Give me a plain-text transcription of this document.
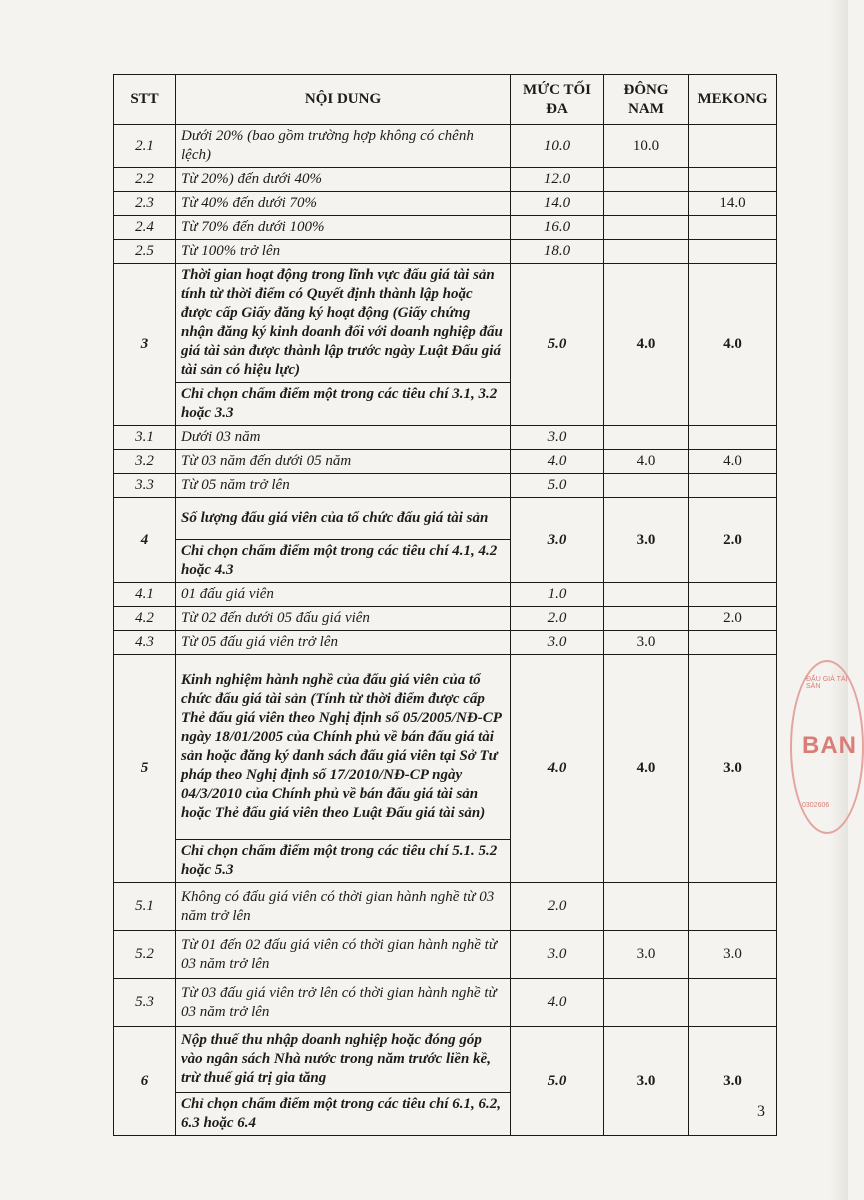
ĐẤU GIÁ TÀI SẢN
BAN
0302606
STT	NỘI DUNG	MỨC TỐI ĐA	ĐÔNG NAM	MEKONG
2.1	Dưới 20% (bao gồm trường hợp không có chênh lệch)	10.0	10.0	
2.2	Từ 20%) đến dưới 40%	12.0		
2.3	Từ 40% đến dưới 70%	14.0		14.0
2.4	Từ 70% đến dưới 100%	16.0		
2.5	Từ 100% trở lên	18.0		
3	Thời gian hoạt động trong lĩnh vực đấu giá tài sản tính từ thời điểm có Quyết định thành lập hoặc được cấp Giấy đăng ký hoạt động (Giấy chứng nhận đăng ký kinh doanh đối với doanh nghiệp đấu giá tài sản được thành lập trước ngày Luật Đấu giá tài sản có hiệu lực)	5.0	4.0	4.0
	Chỉ chọn chấm điểm một trong các tiêu chí 3.1, 3.2 hoặc 3.3			
3.1	Dưới 03 năm	3.0		
3.2	Từ 03 năm đến dưới 05 năm	4.0	4.0	4.0
3.3	Từ 05 năm trở lên	5.0		
4	Số lượng đấu giá viên của tổ chức đấu giá tài sản	3.0	3.0	2.0
	Chỉ chọn chấm điểm một trong các tiêu chí 4.1, 4.2 hoặc 4.3			
4.1	01 đấu giá viên	1.0		
4.2	Từ 02 đến dưới 05 đấu giá viên	2.0		2.0
4.3	Từ 05 đấu giá viên trở lên	3.0	3.0	
5	Kinh nghiệm hành nghề của đấu giá viên của tổ chức đấu giá tài sản (Tính từ thời điểm được cấp Thẻ đấu giá viên theo Nghị định số 05/2005/NĐ-CP ngày 18/01/2005 của Chính phủ về bán đấu giá tài sản hoặc đăng ký danh sách đấu giá viên tại Sở Tư pháp theo Nghị định số 17/2010/NĐ-CP ngày 04/3/2010 của Chính phủ về bán đấu giá tài sản hoặc Thẻ đấu giá viên theo Luật Đấu giá tài sản)	4.0	4.0	3.0
	Chỉ chọn chấm điểm một trong các tiêu chí 5.1. 5.2 hoặc 5.3			
5.1	Không có đấu giá viên có thời gian hành nghề từ 03 năm trở lên	2.0		
5.2	Từ 01 đến 02 đấu giá viên có thời gian hành nghề từ 03 năm trở lên	3.0	3.0	3.0
5.3	Từ 03 đấu giá viên trở lên có thời gian hành nghề từ 03 năm trở lên	4.0		
6	Nộp thuế thu nhập doanh nghiệp hoặc đóng góp vào ngân sách Nhà nước trong năm trước liền kề, trừ thuế giá trị gia tăng	5.0	3.0	3.0
	Chỉ chọn chấm điểm một trong các tiêu chí 6.1, 6.2, 6.3 hoặc 6.4			
3
